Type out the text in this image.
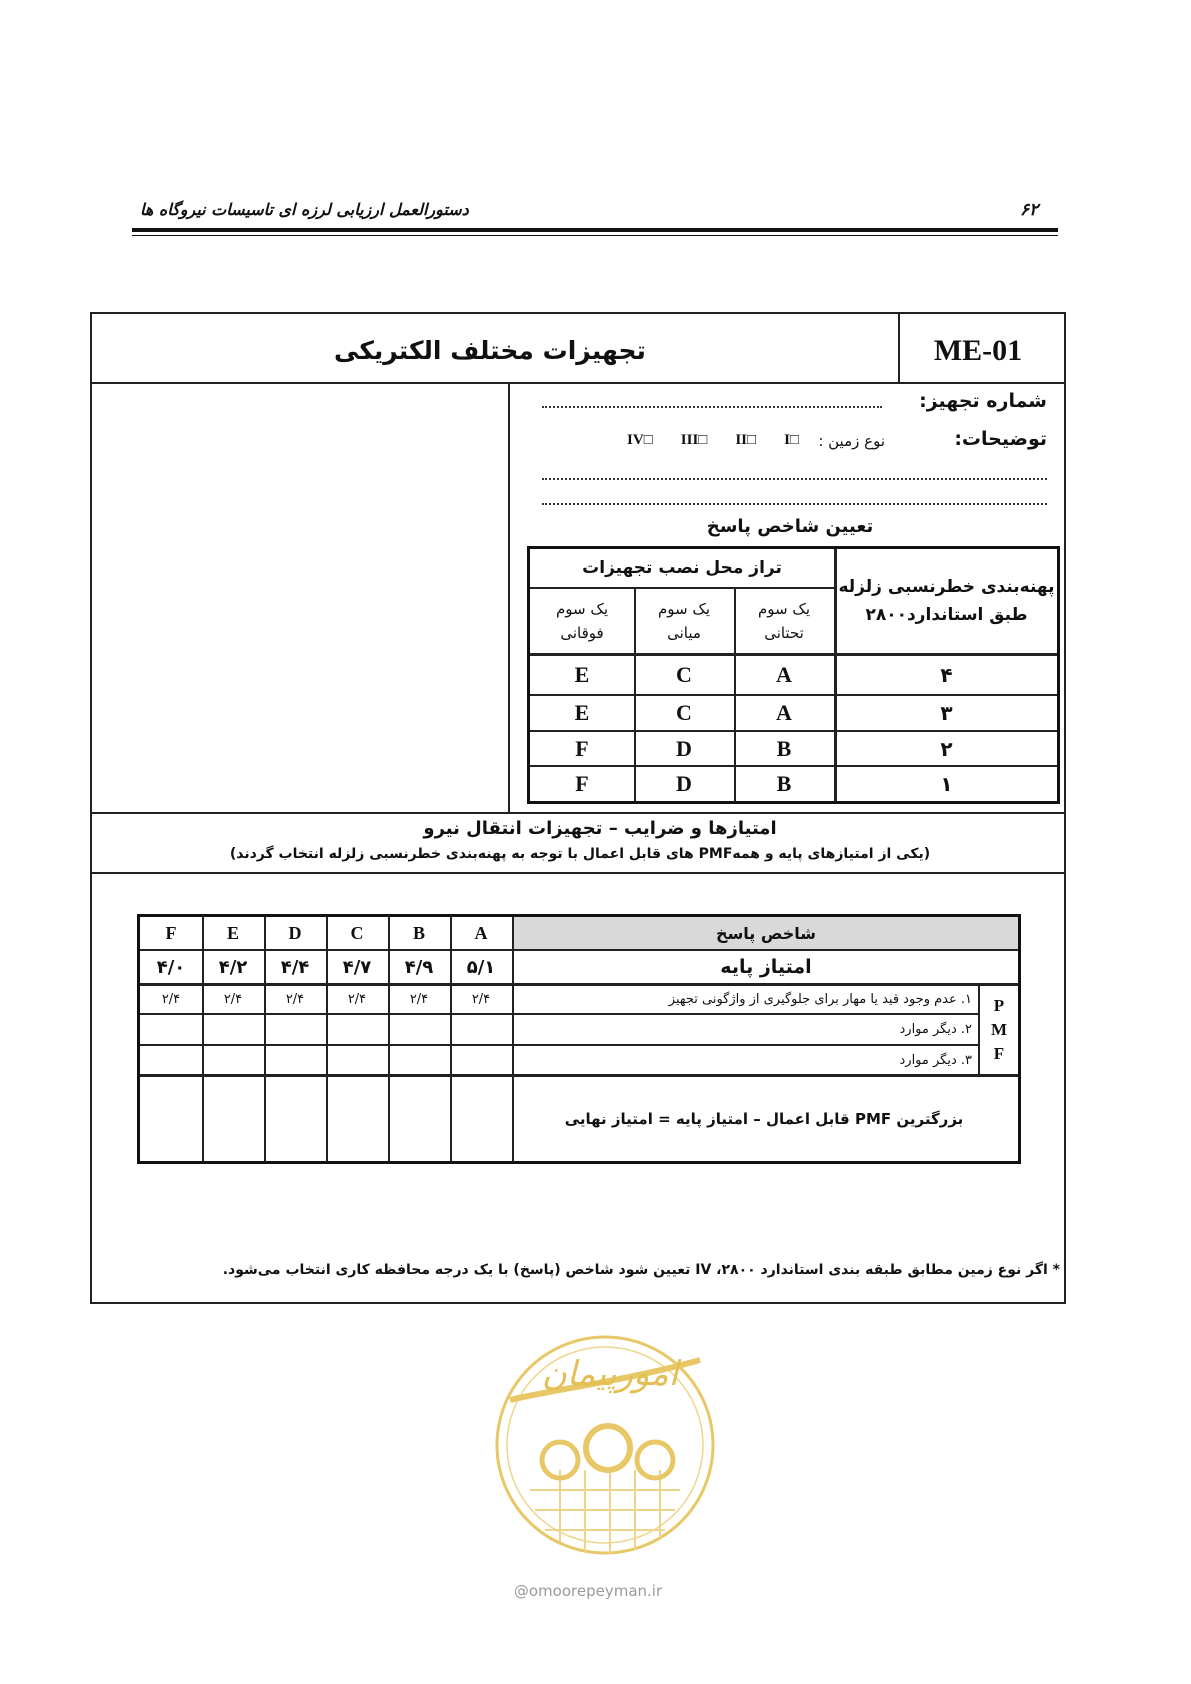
۶۲
دستورالعمل ارزیابی لرزه ای تاسیسات نیروگاه ها
ME-01
تجهیزات مختلف الکتریکی
شماره تجهیز:
توضیحات:
نوع زمین :
IV□ III□ II□ I□
تعیین شاخص پاسخ
پهنه‌بندی خطرنسبی زلزله
طبق استاندارد۲۸۰۰
تراز محل نصب تجهیزات
یک سوم
تحتانی
یک سوم
میانی
یک سوم
فوقانی
۴
A
C
E
۳
A
C
E
۲
B
D
F
۱
B
D
F
امتیازها و ضرایب – تجهیزات انتقال نیرو
(یکی از امتیازهای پایه و همهPMF های قابل اعمال با توجه به پهنه‌بندی خطرنسبی زلزله انتخاب گردند)
شاخص پاسخ
A
B
C
D
E
F
امتیاز پایه
۵/۱
۴/۹
۴/۷
۴/۴
۴/۲
۴/۰
P
M
F
۱. عدم وجود قید یا مهار برای جلوگیری از واژگونی تجهیز
۲/۴
۲/۴
۲/۴
۲/۴
۲/۴
۲/۴
۲. دیگر موارد
۳. دیگر موارد
بزرگترین PMF قابل اعمال – امتیاز پایه = امتیاز نهایی
* اگر نوع زمین مطابق طبقه بندی استاندارد ۲۸۰۰، IV تعیین شود شاخص (پاسخ) با یک درجه محافظه کاری انتخاب می‌شود.
امورپیمان
@omoorepeyman.ir
